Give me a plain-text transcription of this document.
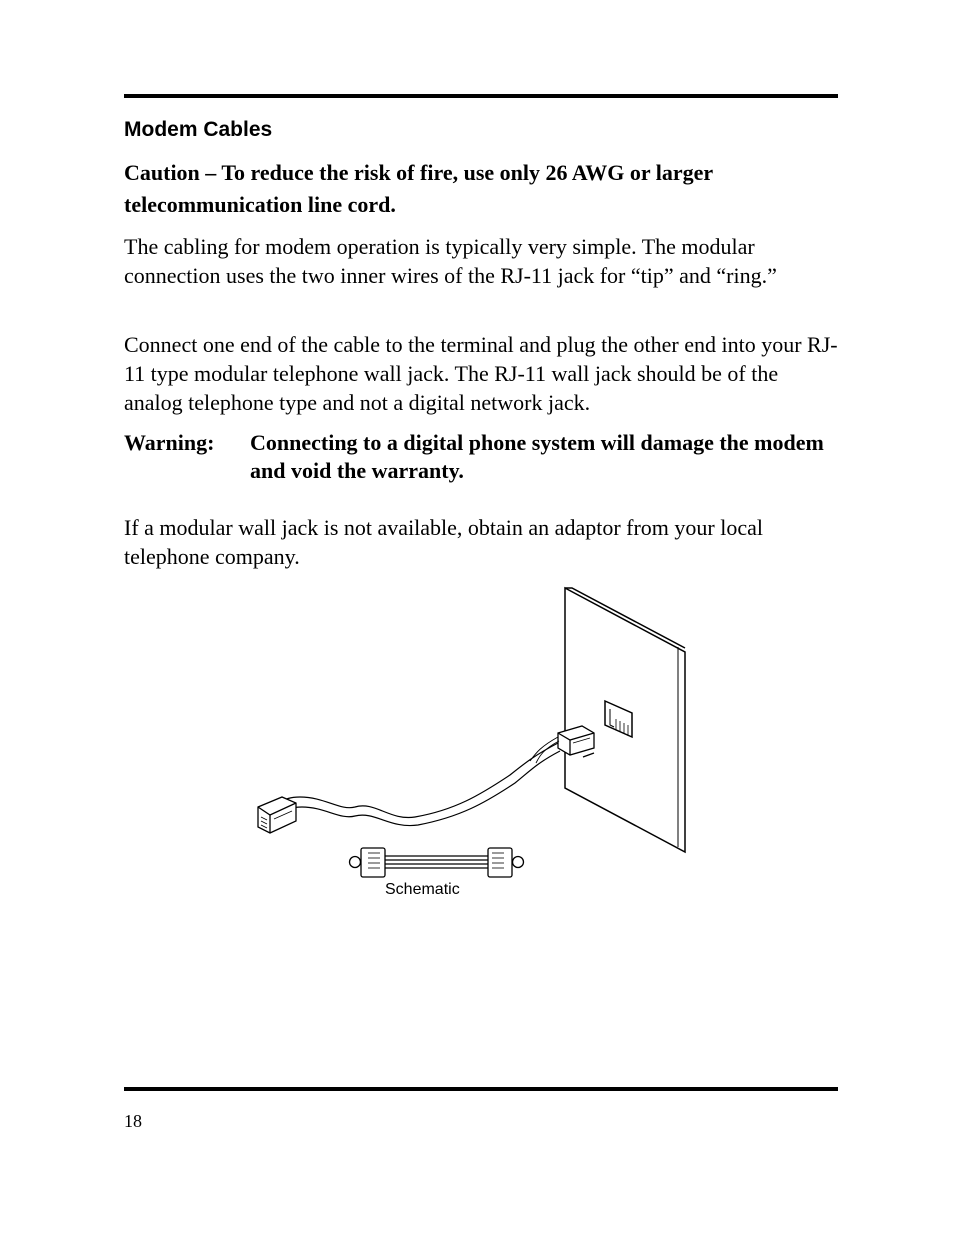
Modem Cables

Caution – To reduce the risk of fire, use only 26 AWG or larger telecommunication line cord.

The cabling for modem operation is typically very simple. The modular connection uses the two inner wires of the RJ-11 jack for “tip” and “ring.”

Connect one end of the cable to the terminal and plug the other end into your RJ-11 type modular telephone wall jack. The RJ-11 wall jack should be of the analog telephone type and not a digital network jack.

Warning: Connecting to a digital phone system will damage the modem and void the warranty.

If a modular wall jack is not available, obtain an adaptor from your local telephone company.

Schematic
18
